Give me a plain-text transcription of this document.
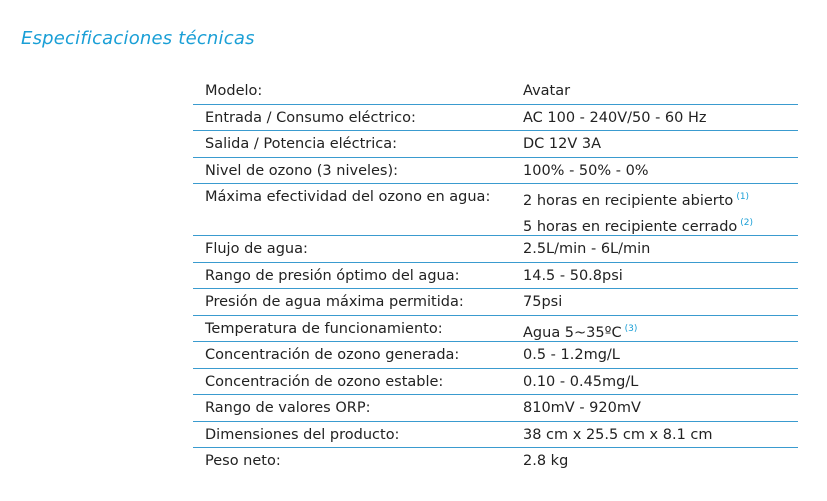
Especificaciones técnicas
Modelo:	Avatar
Entrada / Consumo eléctrico:	AC 100 - 240V/50 - 60 Hz
Salida / Potencia eléctrica:	DC 12V 3A
Nivel de ozono (3 niveles):	100% - 50% - 0%
Máxima efectividad del ozono en agua:	2 horas en recipiente abierto $^{(1)}$
5 horas en recipiente cerrado $^{(2)}$
Flujo de agua:	2.5L/min - 6L/min
Rango de presión óptimo del agua:	14.5 - 50.8psi
Presión de agua máxima permitida:	75psi
Temperatura de funcionamiento:	Agua 5~35ºC $^{(3)}$
Concentración de ozono generada:	0.5 - 1.2mg/L
Concentración de ozono estable:	0.10 - 0.45mg/L
Rango de valores ORP:	810mV - 920mV
Dimensiones del producto:	38 cm x 25.5 cm x 8.1 cm
Peso neto:	2.8 kg
